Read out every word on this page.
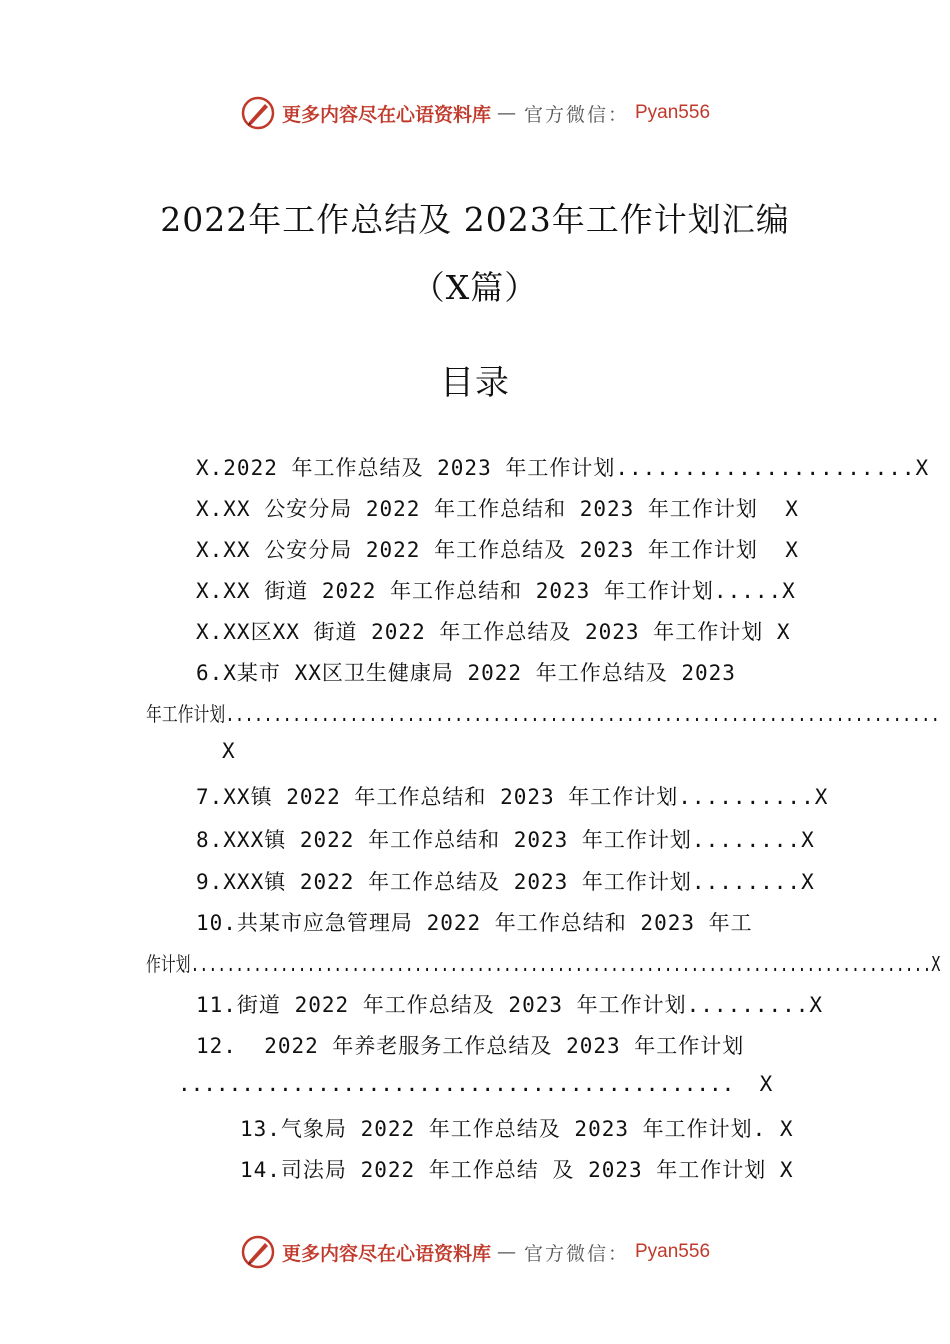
更多内容尽在心语资料库 — 官方微信： Pyan556
2022年工作总结及 2023年工作计划汇编
（X篇）
目录
X.2022 年工作总结及 2023 年工作计划......................X
X.XX 公安分局 2022 年工作总结和 2023 年工作计划  X
X.XX 公安分局 2022 年工作总结及 2023 年工作计划  X
X.XX 街道 2022 年工作总结和 2023 年工作计划.....X
X.XX区XX 街道 2022 年工作总结及 2023 年工作计划 X
6.X某市 XX区卫生健康局 2022 年工作总结及 2023
年工作计划...........................................................................
X
7.XX镇 2022 年工作总结和 2023 年工作计划..........X
8.XXX镇 2022 年工作总结和 2023 年工作计划........X
9.XXX镇 2022 年工作总结及 2023 年工作计划........X
10.共某市应急管理局 2022 年工作总结和 2023 年工
作计划...................................................................................X
11.街道 2022 年工作总结及 2023 年工作计划.........X
12.  2022 年养老服务工作总结及 2023 年工作计划
............................................  X
13.气象局 2022 年工作总结及 2023 年工作计划. X
14.司法局 2022 年工作总结 及 2023 年工作计划 X
更多内容尽在心语资料库 — 官方微信： Pyan556
